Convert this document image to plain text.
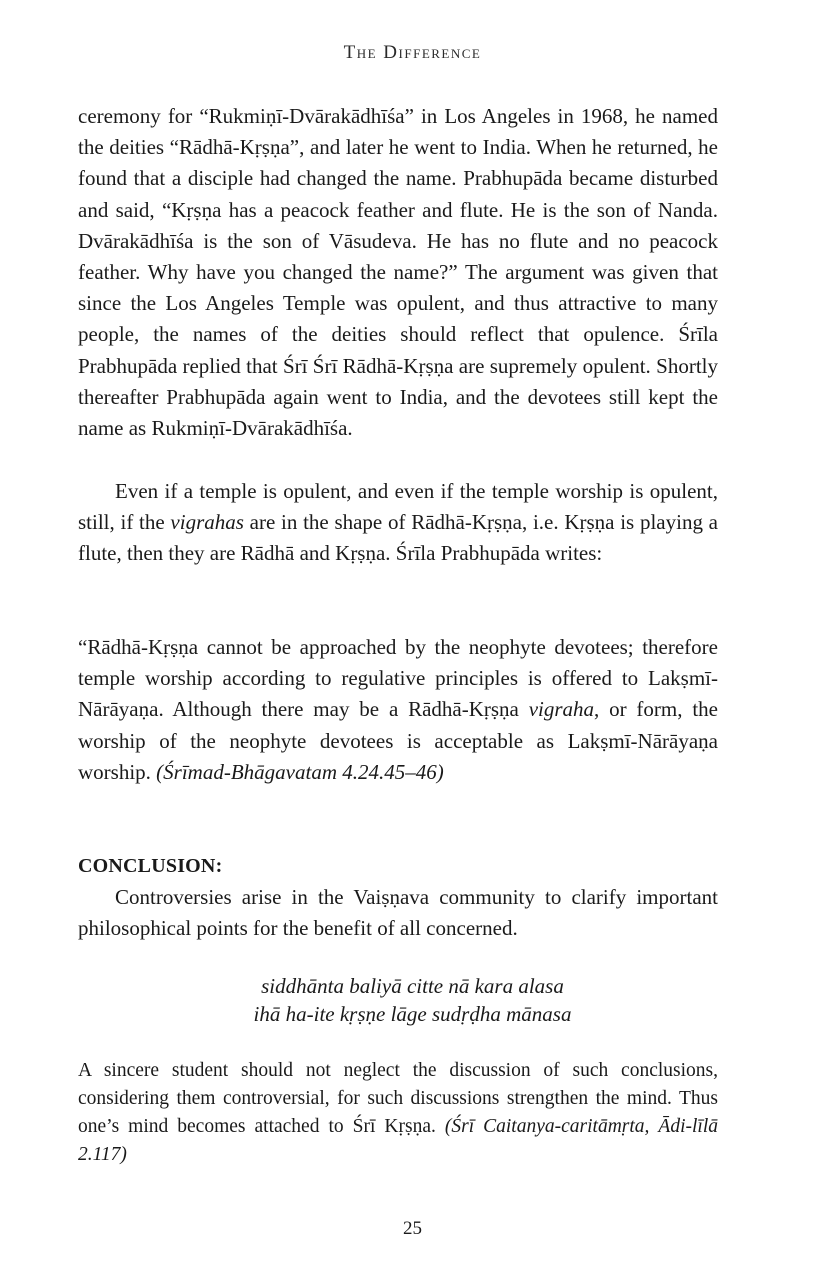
The Difference

ceremony for “Rukmiṇī-Dvārakādhīśa” in Los Angeles in 1968, he named the deities “Rādhā-Kṛṣṇa”, and later he went to India. When he returned, he found that a disciple had changed the name. Prabhupāda became disturbed and said, “Kṛṣṇa has a peacock feather and flute. He is the son of Nanda. Dvārakādhīśa is the son of Vāsudeva. He has no flute and no peacock feather. Why have you changed the name?” The argument was given that since the Los Angeles Temple was opulent, and thus attractive to many people, the names of the deities should reflect that opulence. Śrīla Prabhupāda replied that Śrī Śrī Rādhā-Kṛṣṇa are supremely opulent. Shortly thereafter Prabhupāda again went to India, and the devotees still kept the name as Rukmiṇī-Dvārakādhīśa.

Even if a temple is opulent, and even if the temple worship is opulent, still, if the vigrahas are in the shape of Rādhā-Kṛṣṇa, i.e. Kṛṣṇa is playing a flute, then they are Rādhā and Kṛṣṇa. Śrīla Prabhupāda writes:

“Rādhā-Kṛṣṇa cannot be approached by the neophyte devotees; therefore temple worship according to regulative principles is offered to Lakṣmī-Nārāyaṇa. Although there may be a Rādhā-Kṛṣṇa vigraha, or form, the worship of the neophyte devotees is acceptable as Lakṣmī-Nārāyaṇa worship. (Śrīmad-Bhāgavatam 4.24.45–46)

CONCLUSION:

Controversies arise in the Vaiṣṇava community to clarify important philosophical points for the benefit of all concerned.

siddhānta baliyā citte nā kara alasa
ihā ha-ite kṛṣṇe lāge sudṛḍha mānasa

A sincere student should not neglect the discussion of such conclusions, considering them controversial, for such discussions strengthen the mind. Thus one’s mind becomes attached to Śrī Kṛṣṇa. (Śrī Caitanya-caritāmṛta, Ādi-līlā 2.117)

25
